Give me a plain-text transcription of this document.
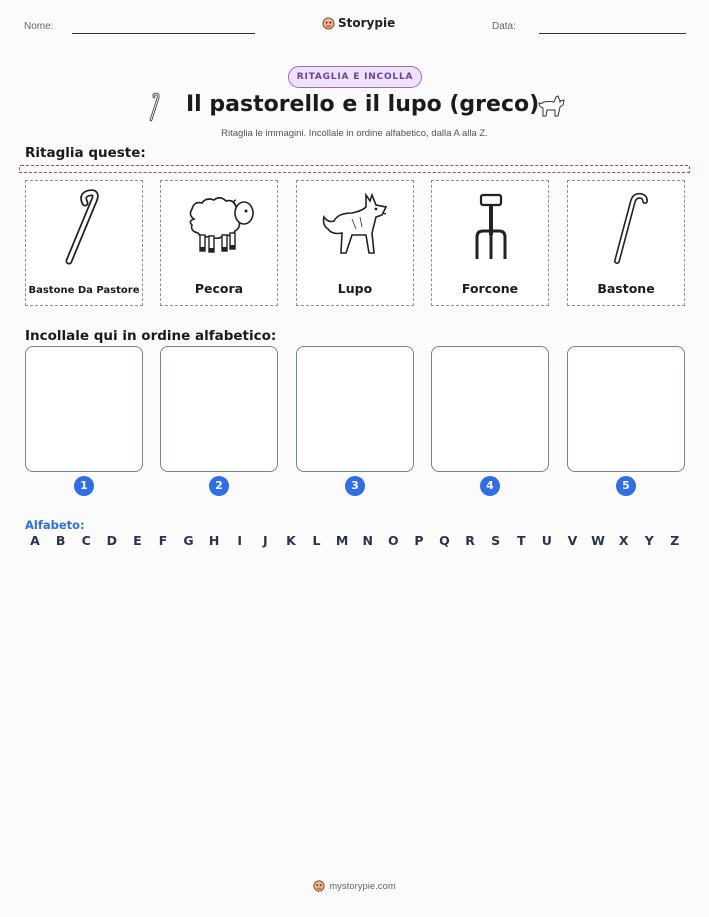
Nome:	Storypie	Data:
RITAGLIA E INCOLLA
Il pastorello e il lupo (greco)
Ritaglia le immagini. Incollale in ordine alfabetico, dalla A alla Z.
Ritaglia queste:
Bastone Da Pastore	Pecora	Lupo	Forcone	Bastone
Incollale qui in ordine alfabetico:
1	2	3	4	5
Alfabeto:
A	B	C	D	E	F	G	H	I	J	K	L	M	N	O	P	Q	R	S	T	U	V	W	X	Y	Z
mystorypie.com
